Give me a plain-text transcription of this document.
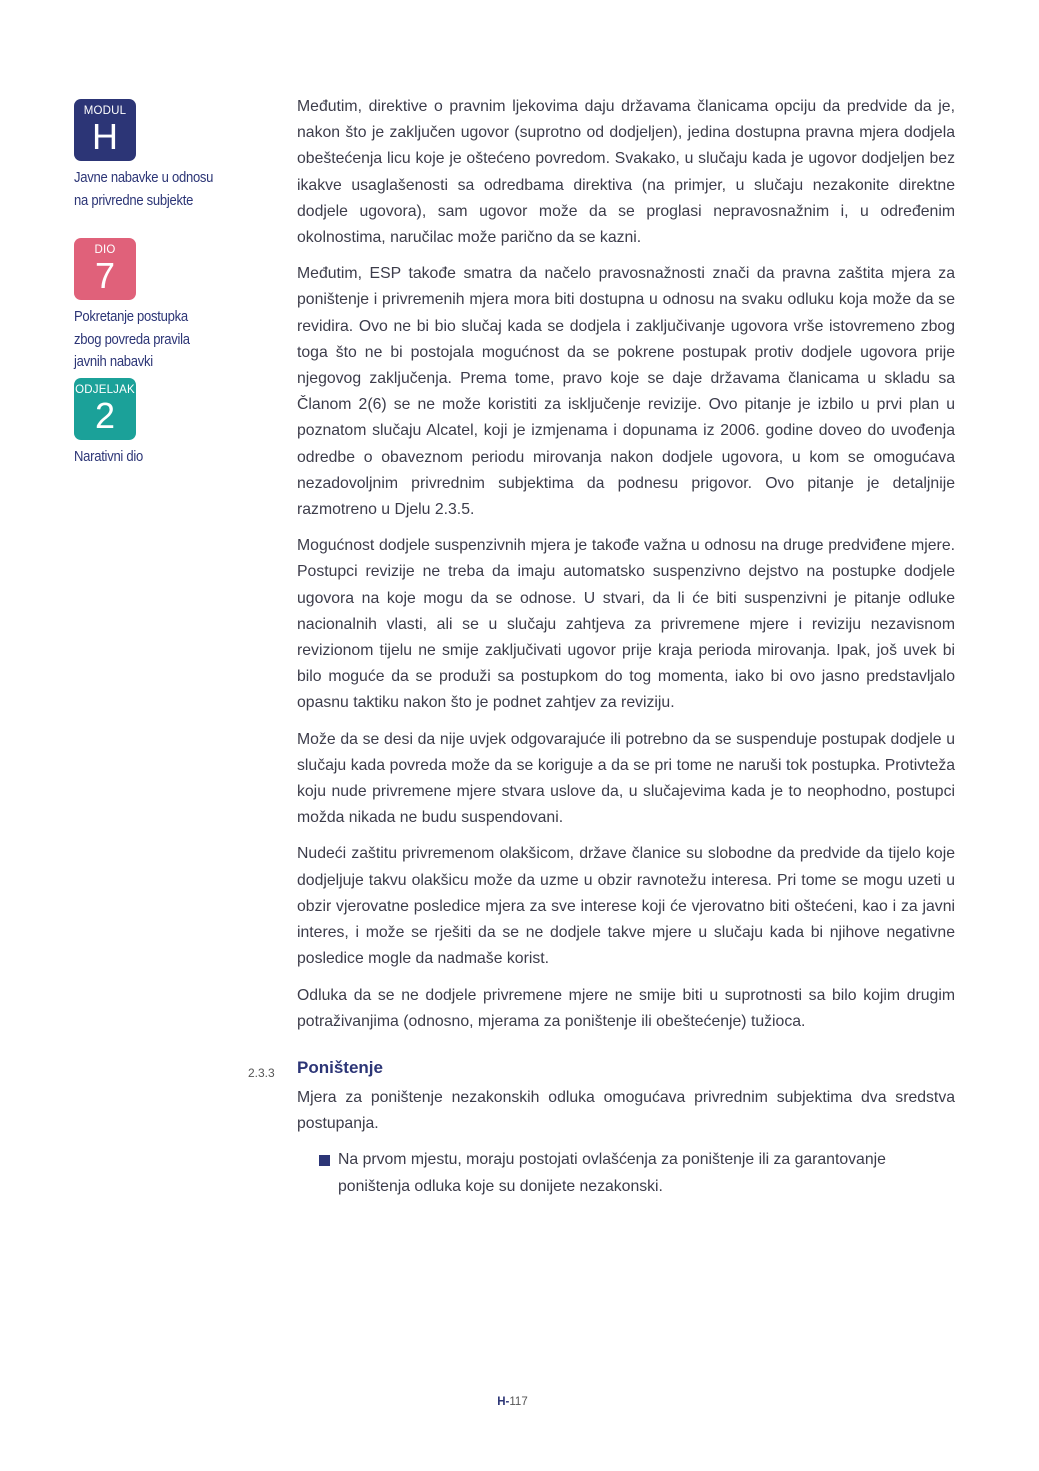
MODUL
H
Javne nabavke u odnosu
na privredne subjekte
DIO
7
Pokretanje postupka
zbog povreda pravila
javnih nabavki
ODJELJAK
2
Narativni dio

Međutim, direktive o pravnim ljekovima daju državama članicama opciju da predvide da je, nakon što je zaključen ugovor (suprotno od dodjeljen), jedina dostupna pravna mjera dodjela obeštećenja licu koje je oštećeno povredom. Svakako, u slučaju kada je ugovor dodjeljen bez ikakve usaglašenosti sa odredbama direktiva (na primjer, u slučaju nezakonite direktne dodjele ugovora), sam ugovor može da se proglasi nepravosnažnim i, u određenim okolnostima, naručilac može parično da se kazni.

Međutim, ESP takođe smatra da načelo pravosnažnosti znači da pravna zaštita mjera za poništenje i privremenih mjera mora biti dostupna u odnosu na svaku odluku koja može da se revidira. Ovo ne bi bio slučaj kada se dodjela i zaključivanje ugovora vrše istovremeno zbog toga što ne bi postojala mogućnost da se pokrene postupak protiv dodjele ugovora prije njegovog zaključenja. Prema tome, pravo koje se daje državama članicama u skladu sa Članom 2(6) se ne može koristiti za isključenje revizije. Ovo pitanje je izbilo u prvi plan u poznatom slučaju Alcatel, koji je izmjenama i dopunama iz 2006. godine doveo do uvođenja odredbe o obaveznom periodu mirovanja nakon dodjele ugovora, u kom se omogućava nezadovoljnim privrednim subjektima da podnesu prigovor. Ovo pitanje je detaljnije razmotreno u Djelu 2.3.5.

Mogućnost dodjele suspenzivnih mjera je takođe važna u odnosu na druge predviđene mjere. Postupci revizije ne treba da imaju automatsko suspenzivno dejstvo na postupke dodjele ugovora na koje mogu da se odnose. U stvari, da li će biti suspenzivni je pitanje odluke nacionalnih vlasti, ali se u slučaju zahtjeva za privremene mjere i reviziju nezavisnom revizionom tijelu ne smije zaključivati ugovor prije kraja perioda mirovanja. Ipak, još uvek bi bilo moguće da se produži sa postupkom do tog momenta, iako bi ovo jasno predstavljalo opasnu taktiku nakon što je podnet zahtjev za reviziju.

Može da se desi da nije uvjek odgovarajuće ili potrebno da se suspenduje postupak dodjele u slučaju kada povreda može da se koriguje a da se pri tome ne naruši tok postupka. Protivteža koju nude privremene mjere stvara uslove da, u slučajevima kada je to neophodno, postupci možda nikada ne budu suspendovani.

Nudeći zaštitu privremenom olakšicom, države članice su slobodne da predvide da tijelo koje dodjeljuje takvu olakšicu može da uzme u obzir ravnotežu interesa. Pri tome se mogu uzeti u obzir vjerovatne posledice mjera za sve interese koji će vjerovatno biti oštećeni, kao i za javni interes, i može se rješiti da se ne dodjele takve mjere u slučaju kada bi njihove negativne posledice mogle da nadmaše korist.

Odluka da se ne dodjele privremene mjere ne smije biti u suprotnosti sa bilo kojim drugim potraživanjima (odnosno, mjerama za poništenje ili obeštećenje) tužioca.

2.3.3 Poništenje

Mjera za poništenje nezakonskih odluka omogućava privrednim subjektima dva sredstva postupanja.

Na prvom mjestu, moraju postojati ovlašćenja za poništenje ili za garantovanje poništenja odluka koje su donijete nezakonski.
H-117
